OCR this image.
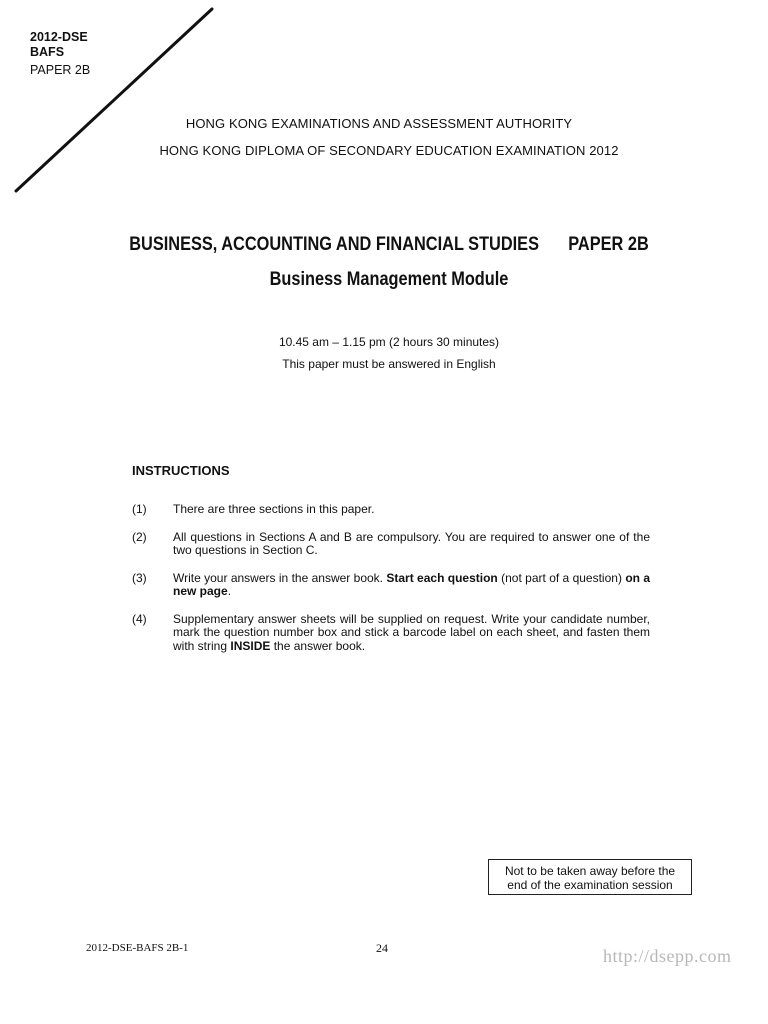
2012-DSE
BAFS
PAPER 2B
HONG KONG EXAMINATIONS AND ASSESSMENT AUTHORITY
HONG KONG DIPLOMA OF SECONDARY EDUCATION EXAMINATION 2012
BUSINESS, ACCOUNTING AND FINANCIAL STUDIES PAPER 2B
Business Management Module
10.45 am – 1.15 pm (2 hours 30 minutes)
This paper must be answered in English
INSTRUCTIONS
(1)	There are three sections in this paper.
(2)	All questions in Sections A and B are compulsory. You are required to answer one of the two questions in Section C.
(3)	Write your answers in the answer book. Start each question (not part of a question) on a new page.
(4)	Supplementary answer sheets will be supplied on request. Write your candidate number, mark the question number box and stick a barcode label on each sheet, and fasten them with string INSIDE the answer book.
Not to be taken away before the
end of the examination session
2012-DSE-BAFS 2B-1	24	http://dsepp.com
